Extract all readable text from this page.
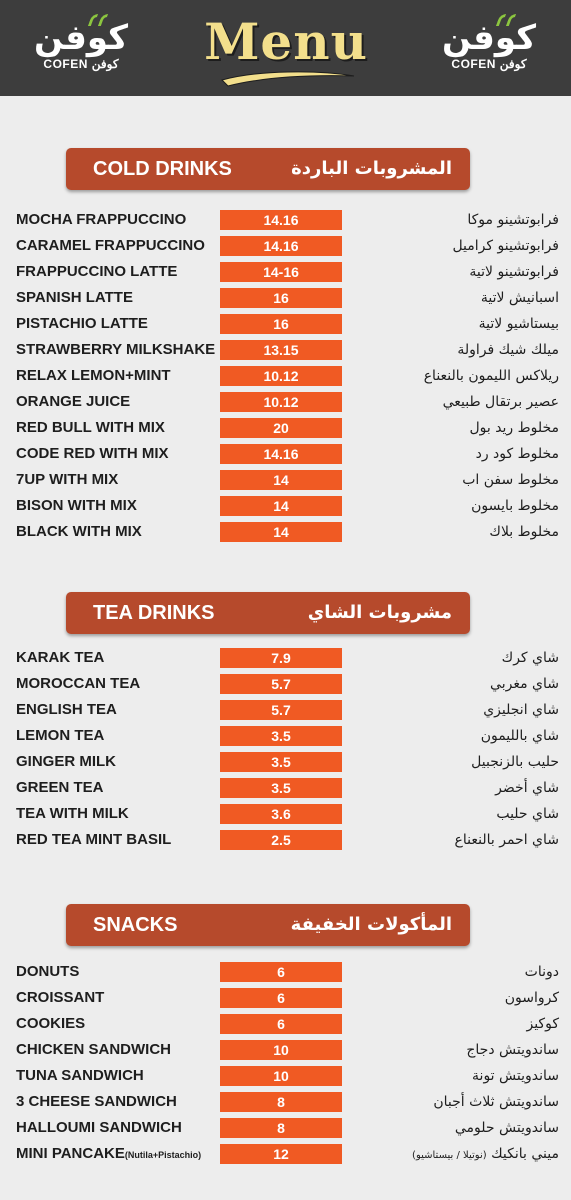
كوفن
COFEN كوفن	Menu	كوفن
COFEN كوفن
COLD DRINKS	المشروبات الباردة
MOCHA FRAPPUCCINO	14.16	فرابوتشينو موكا
CARAMEL FRAPPUCCINO	14.16	فرابوتشينو كراميل
FRAPPUCCINO LATTE	14-16	فرابوتشينو لاتية
SPANISH LATTE	16	اسبانيش لاتية
PISTACHIO LATTE	16	بيستاشيو لاتية
STRAWBERRY MILKSHAKE	13.15	ميلك شيك فراولة
RELAX LEMON+MINT	10.12	ريلاكس الليمون بالنعناع
ORANGE JUICE	10.12	عصير برتقال طبيعي
RED BULL WITH MIX	20	مخلوط ريد بول
CODE RED WITH MIX	14.16	مخلوط كود رد
7UP WITH MIX	14	مخلوط سفن اب
BISON WITH MIX	14	مخلوط بايسون
BLACK WITH MIX	14	مخلوط بلاك
TEA DRINKS	مشروبات الشاي
KARAK TEA	7.9	شاي كرك
MOROCCAN TEA	5.7	شاي مغربي
ENGLISH TEA	5.7	شاي انجليزي
LEMON TEA	3.5	شاي بالليمون
GINGER MILK	3.5	حليب بالزنجبيل
GREEN TEA	3.5	شاي أخضر
TEA WITH MILK	3.6	شاي حليب
RED TEA MINT BASIL	2.5	شاي احمر بالنعناع
SNACKS	المأكولات الخفيفة
DONUTS	6	دونات
CROISSANT	6	كرواسون
COOKIES	6	كوكيز
CHICKEN SANDWICH	10	ساندويتش دجاج
TUNA SANDWICH	10	ساندويتش تونة
3 CHEESE SANDWICH	8	ساندويتش ثلاث أجبان
HALLOUMI SANDWICH	8	ساندويتش حلومي
MINI PANCAKE(Nutila+Pistachio)	12	ميني بانكيك (نوتيلا / بيستاشيو)
